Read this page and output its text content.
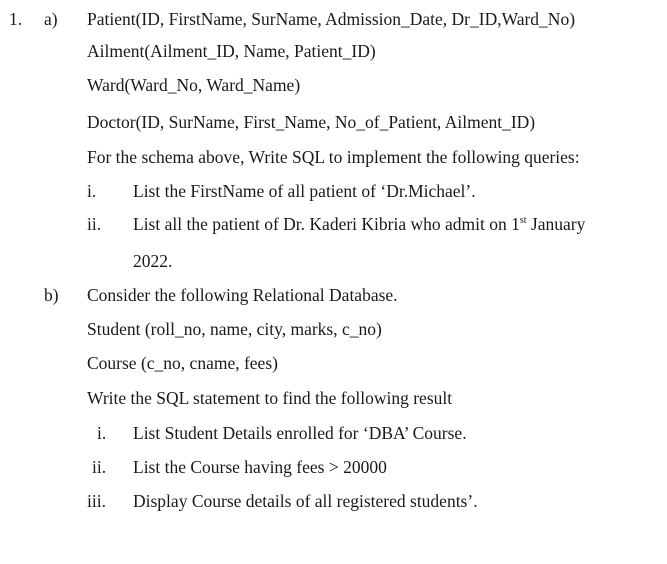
1. a) Patient(ID, FirstName, SurName, Admission_Date, Dr_ID,Ward_No)
Ailment(Ailment_ID, Name, Patient_ID)
Ward(Ward_No, Ward_Name)
Doctor(ID, SurName, First_Name, No_of_Patient, Ailment_ID)
For the schema above, Write SQL to implement the following queries:
i. List the FirstName of all patient of ‘Dr.Michael’.
ii. List all the patient of Dr. Kaderi Kibria who admit on 1st January
2022.
b) Consider the following Relational Database.
Student (roll_no, name, city, marks, c_no)
Course (c_no, cname, fees)
Write the SQL statement to find the following result
i. List Student Details enrolled for ‘DBA’ Course.
ii. List the Course having fees > 20000
iii. Display Course details of all registered students’.
